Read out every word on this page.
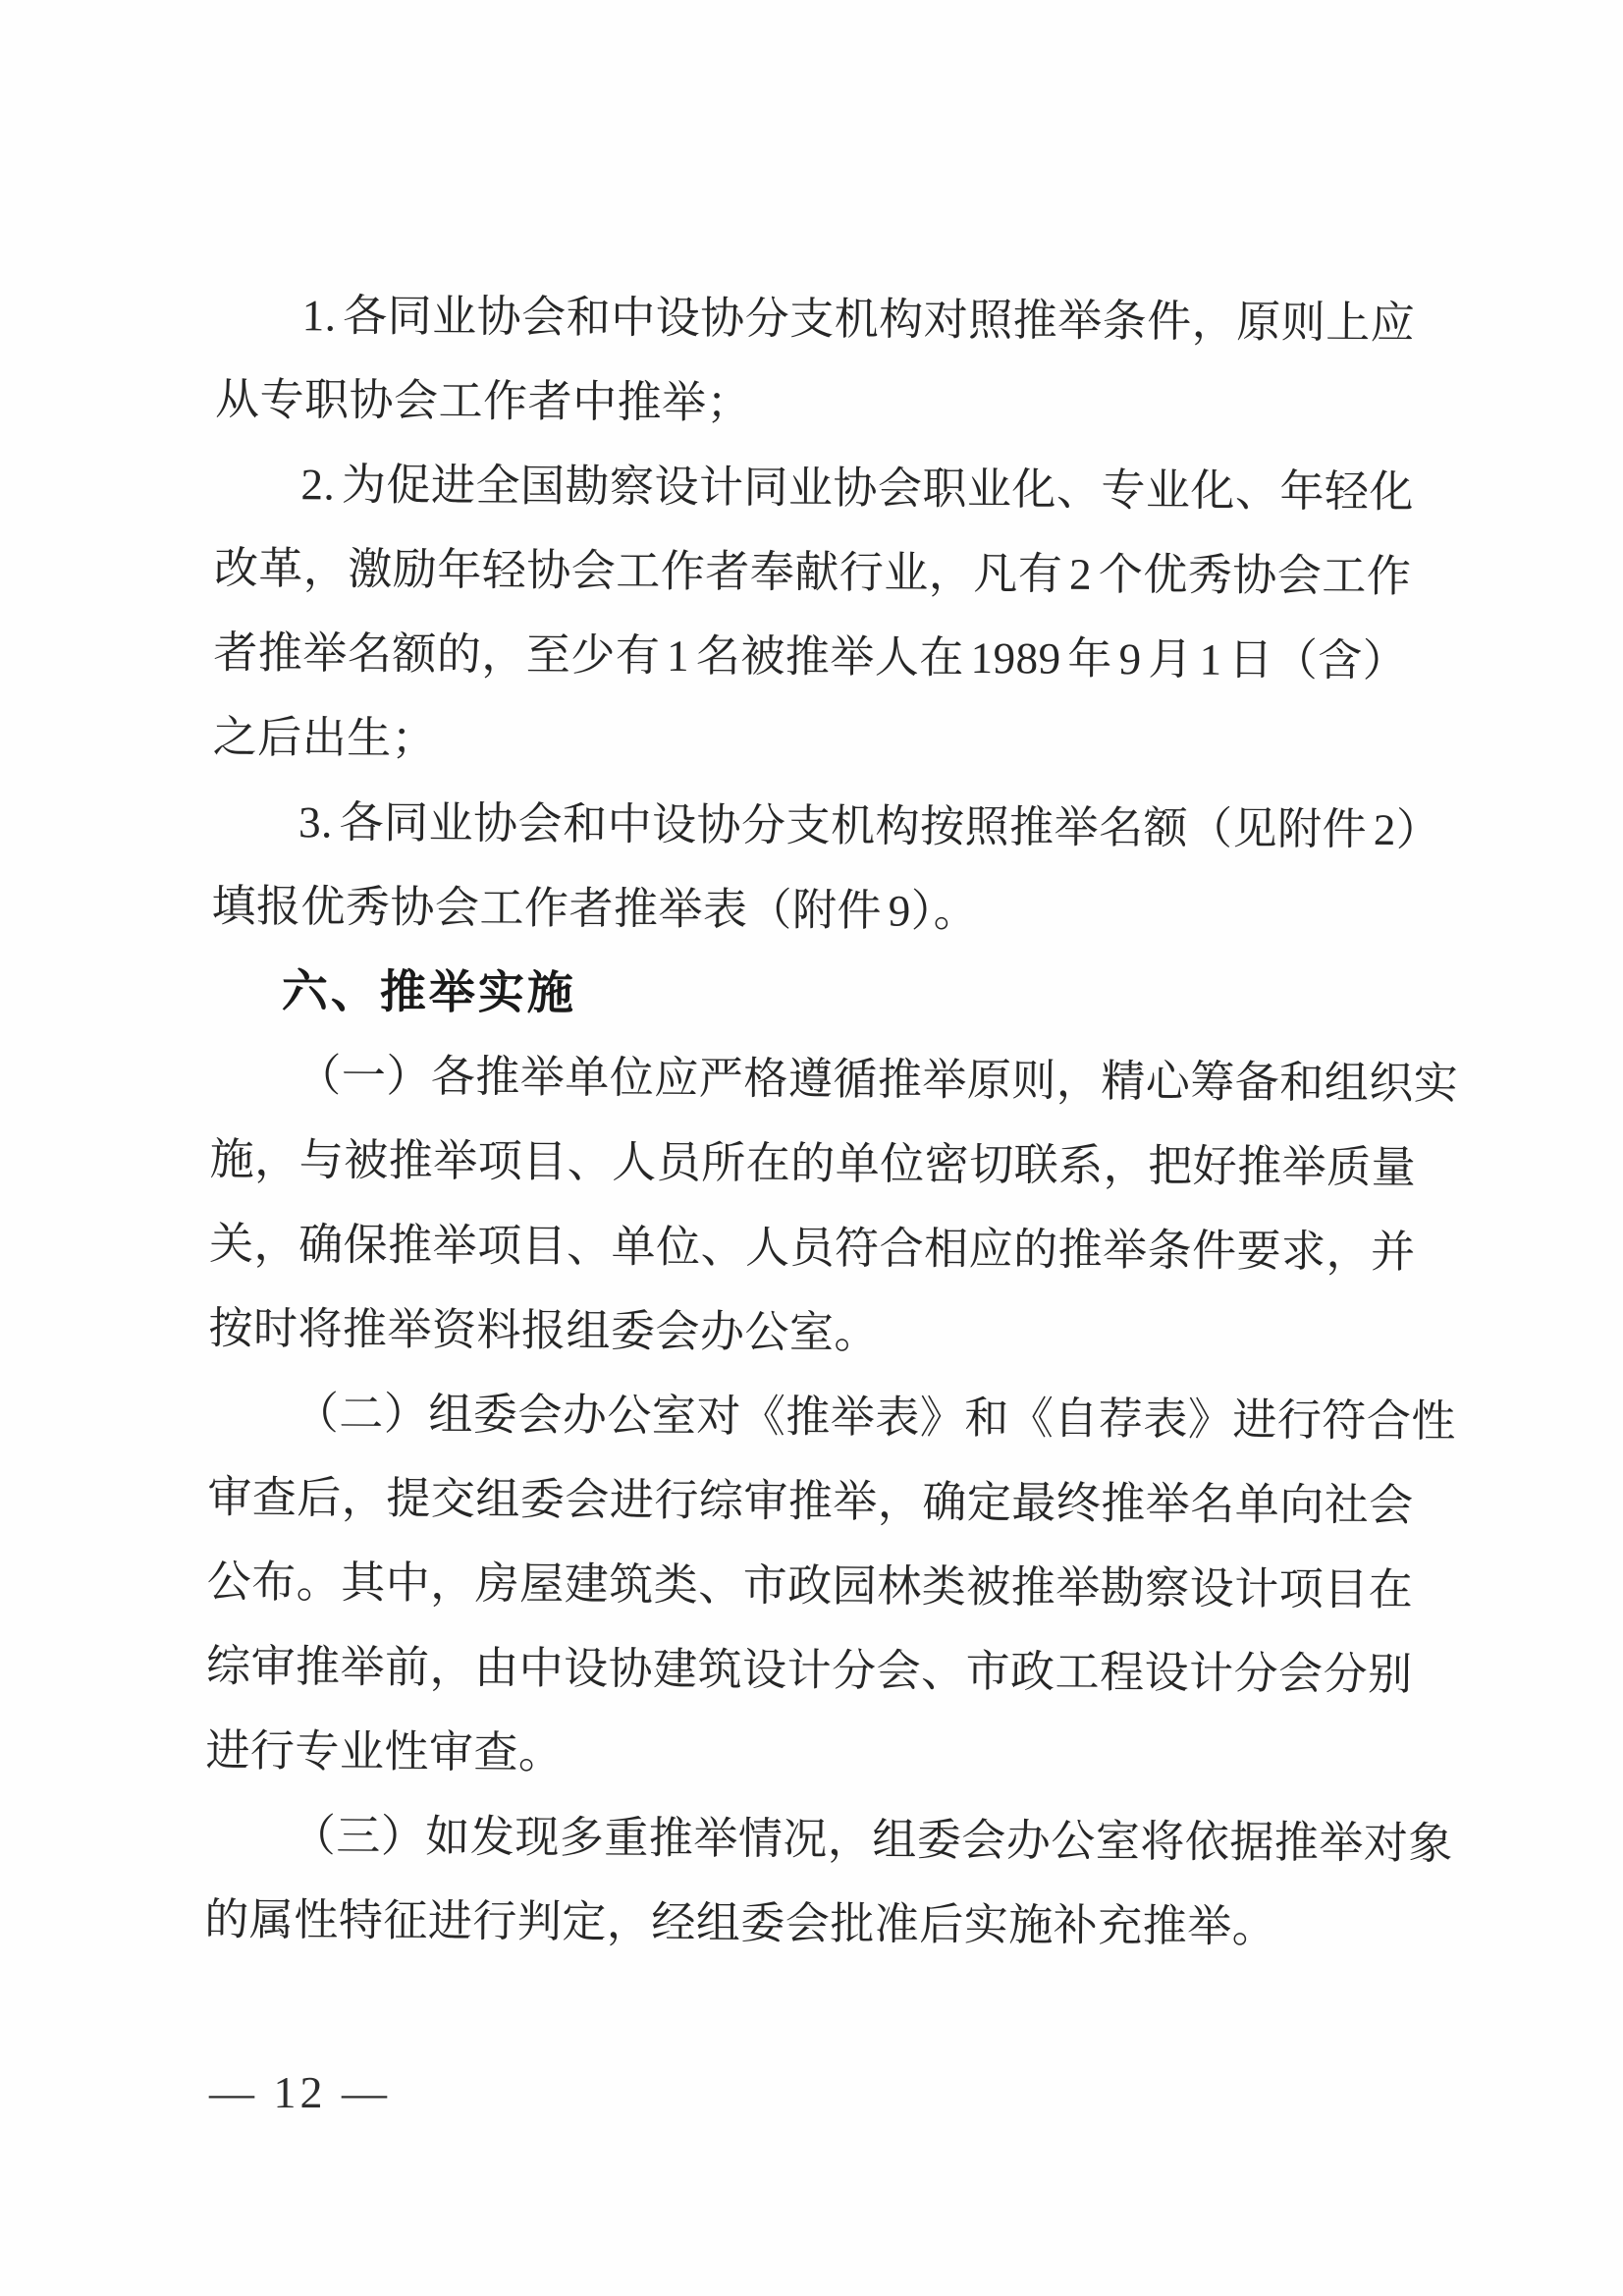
1. 各同业协会和中设协分支机构对照推举条件，原则上应
从专职协会工作者中推举；
2. 为促进全国勘察设计同业协会职业化、专业化、年轻化
改革，激励年轻协会工作者奉献行业，凡有 2 个优秀协会工作
者推举名额的，至少有 1 名被推举人在 1989 年 9 月 1 日（含）
之后出生；
3. 各同业协会和中设协分支机构按照推举名额（见附件 2）
填报优秀协会工作者推举表（附件 9）。
六、推举实施
（一）各推举单位应严格遵循推举原则，精心筹备和组织实
施，与被推举项目、人员所在的单位密切联系，把好推举质量
关，确保推举项目、单位、人员符合相应的推举条件要求，并
按时将推举资料报组委会办公室。
（二）组委会办公室对《推举表》和《自荐表》进行符合性
审查后，提交组委会进行综审推举，确定最终推举名单向社会
公布。其中，房屋建筑类、市政园林类被推举勘察设计项目在
综审推举前，由中设协建筑设计分会、市政工程设计分会分别
进行专业性审查。
（三）如发现多重推举情况，组委会办公室将依据推举对象
的属性特征进行判定，经组委会批准后实施补充推举。
— 12 —
